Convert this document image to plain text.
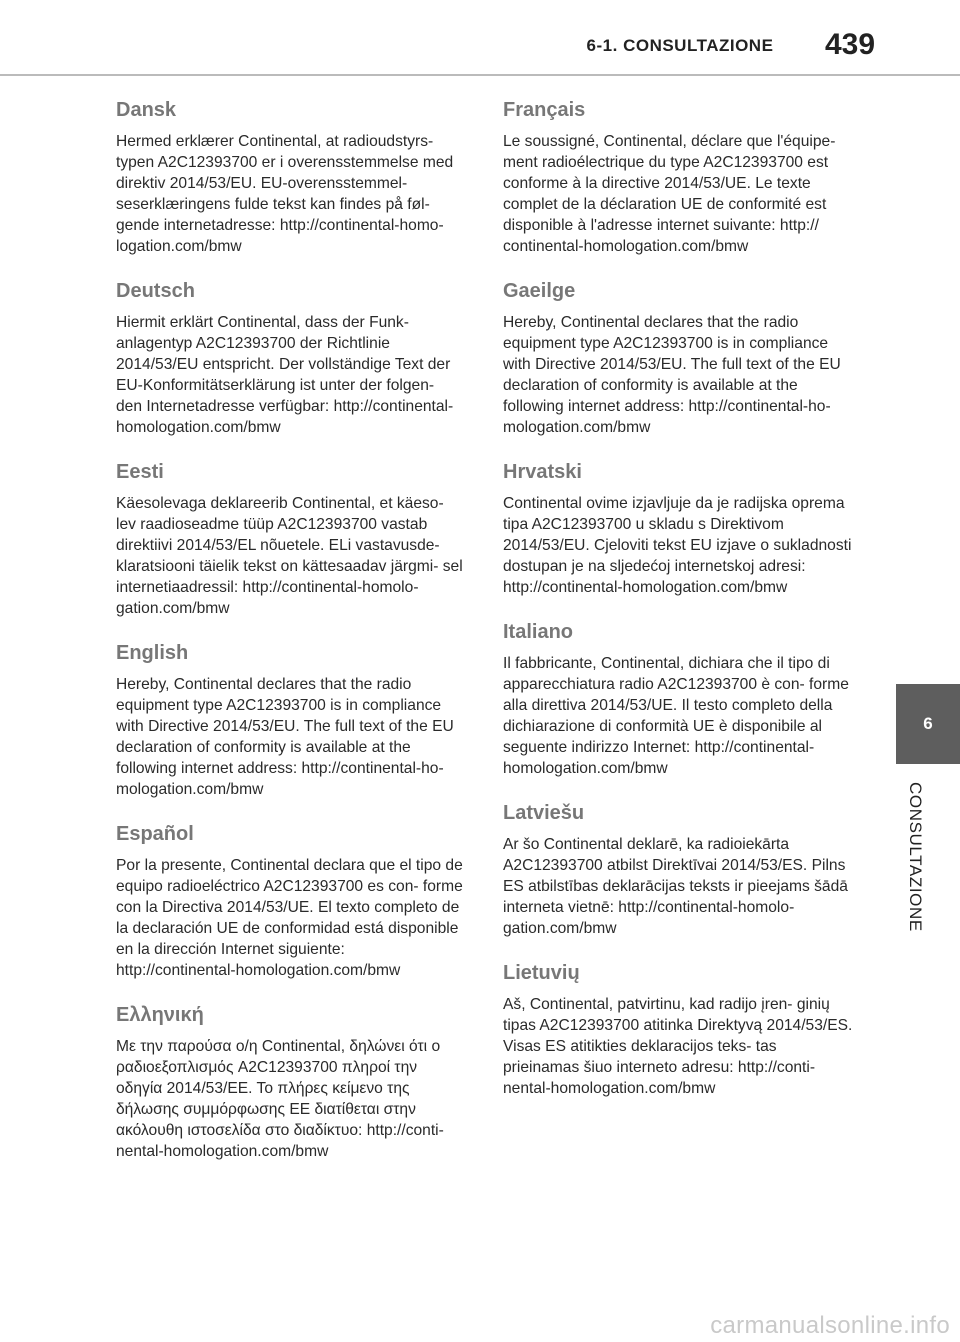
6-1. CONSULTAZIONE	439
Dansk

Hermed erklærer Continental, at radioudstyrs- typen A2C12393700 er i overensstemmelse med direktiv 2014/53/EU. EU-overensstemmel- seserklæringens fulde tekst kan findes på føl- gende internetadresse: http://continental-homo- logation.com/bmw

Deutsch

Hiermit erklärt Continental, dass der Funk- anlagentyp A2C12393700 der Richtlinie 2014/53/EU entspricht. Der vollständige Text der EU-Konformitätserklärung ist unter der folgen- den Internetadresse verfügbar: http://continental- homologation.com/bmw

Eesti

Käesolevaga deklareerib Continental, et käeso- lev raadioseadme tüüp A2C12393700 vastab direktiivi 2014/53/EL nõuetele. ELi vastavusde- klaratsiooni täielik tekst on kättesaadav järgmi- sel internetiaadressil: http://continental-homolo- gation.com/bmw

English

Hereby, Continental declares that the radio equipment type A2C12393700 is in compliance with Directive 2014/53/EU. The full text of the EU declaration of conformity is available at the following internet address: http://continental-ho- mologation.com/bmw

Español

Por la presente, Continental declara que el tipo de equipo radioeléctrico A2C12393700 es con- forme con la Directiva 2014/53/UE. El texto completo de la declaración UE de conformidad está disponible en la dirección Internet siguiente: http://continental-homologation.com/bmw

Ελληνική

Με την παρούσα ο/η Continental, δηλώνει ότι ο ραδιοεξοπλισμός A2C12393700 πληροί την οδηγία 2014/53/ΕΕ. Το πλήρες κείμενο της δήλωσης συμμόρφωσης ΕΕ διατίθεται στην ακόλουθη ιστοσελίδα στο διαδίκτυο: http://conti- nental-homologation.com/bmw

Français

Le soussigné, Continental, déclare que l'équipe- ment radioélectrique du type A2C12393700 est conforme à la directive 2014/53/UE. Le texte complet de la déclaration UE de conformité est disponible à l'adresse internet suivante: http:// continental-homologation.com/bmw

Gaeilge

Hereby, Continental declares that the radio equipment type A2C12393700 is in compliance with Directive 2014/53/EU. The full text of the EU declaration of conformity is available at the following internet address: http://continental-ho- mologation.com/bmw

Hrvatski

Continental ovime izjavljuje da je radijska oprema tipa A2C12393700 u skladu s Direktivom 2014/53/EU. Cjeloviti tekst EU izjave o sukladnosti dostupan je na sljedećoj internetskoj adresi: http://continental-homologation.com/bmw

Italiano

Il fabbricante, Continental, dichiara che il tipo di apparecchiatura radio A2C12393700 è con- forme alla direttiva 2014/53/UE. Il testo completo della dichiarazione di conformità UE è disponibile al seguente indirizzo Internet: http://continental- homologation.com/bmw

Latviešu

Ar šo Continental deklarē, ka radioiekārta A2C12393700 atbilst Direktīvai 2014/53/ES. Pilns ES atbilstības deklarācijas teksts ir pieejams šādā interneta vietnē: http://continental-homolo- gation.com/bmw

Lietuvių

Aš, Continental, patvirtinu, kad radijo įren- ginių tipas A2C12393700 atitinka Direktyvą 2014/53/ES. Visas ES atitikties deklaracijos teks- tas prieinamas šiuo interneto adresu: http://conti- nental-homologation.com/bmw

6
CONSULTAZIONE
carmanualsonline.info
